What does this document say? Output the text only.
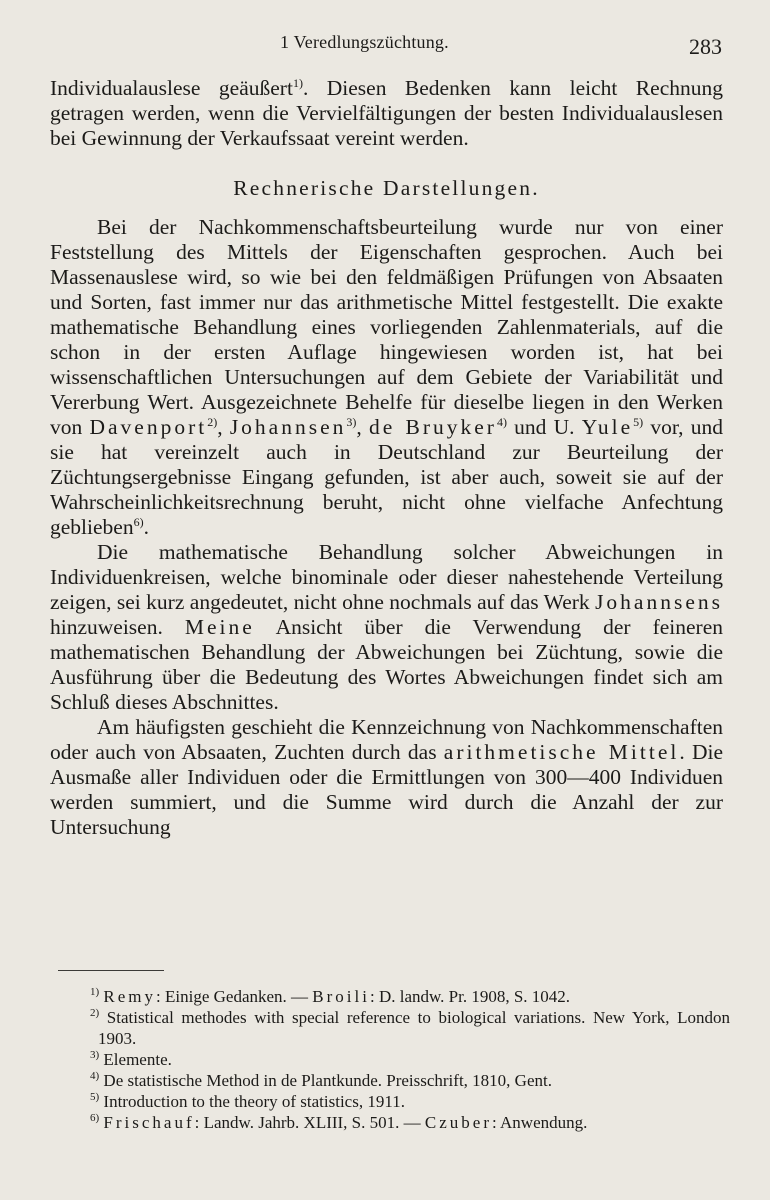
1 Veredlungszüchtung.	283

Individualauslese geäußert$^{1)}$. Diesen Bedenken kann leicht Rechnung getragen werden, wenn die Vervielfältigungen der besten Individualauslesen bei Gewinnung der Verkaufssaat vereint werden.

Rechnerische Darstellungen.

Bei der Nachkommenschaftsbeurteilung wurde nur von einer Feststellung des Mittels der Eigenschaften gesprochen. Auch bei Massenauslese wird, so wie bei den feldmäßigen Prüfungen von Absaaten und Sorten, fast immer nur das arithmetische Mittel festgestellt. Die exakte mathematische Behandlung eines vorliegenden Zahlenmaterials, auf die schon in der ersten Auflage hingewiesen worden ist, hat bei wissenschaftlichen Untersuchungen auf dem Gebiete der Variabilität und Vererbung Wert. Ausgezeichnete Behelfe für dieselbe liegen in den Werken von Davenport$^{2)}$, Johannsen$^{3)}$, de Bruyker$^{4)}$ und U. Yule$^{5)}$ vor, und sie hat vereinzelt auch in Deutschland zur Beurteilung der Züchtungsergebnisse Eingang gefunden, ist aber auch, soweit sie auf der Wahrscheinlichkeitsrechnung beruht, nicht ohne vielfache Anfechtung geblieben$^{6)}$.

Die mathematische Behandlung solcher Abweichungen in Individuenkreisen, welche binominale oder dieser nahestehende Verteilung zeigen, sei kurz angedeutet, nicht ohne nochmals auf das Werk Johannsens hinzuweisen. Meine Ansicht über die Verwendung der feineren mathematischen Behandlung der Abweichungen bei Züchtung, sowie die Ausführung über die Bedeutung des Wortes Abweichungen findet sich am Schluß dieses Abschnittes.

Am häufigsten geschieht die Kennzeichnung von Nachkommenschaften oder auch von Absaaten, Zuchten durch das arithmetische Mittel. Die Ausmaße aller Individuen oder die Ermittlungen von 300—400 Individuen werden summiert, und die Summe wird durch die Anzahl der zur Untersuchung

$^{1)}$ Remy: Einige Gedanken. — Broili: D. landw. Pr. 1908, S. 1042.

$^{2)}$ Statistical methodes with special reference to biological variations. New York, London 1903.

$^{3)}$ Elemente.

$^{4)}$ De statistische Method in de Plantkunde. Preisschrift, 1810, Gent.

$^{5)}$ Introduction to the theory of statistics, 1911.

$^{6)}$ Frischauf: Landw. Jahrb. XLIII, S. 501. — Czuber: Anwendung.
